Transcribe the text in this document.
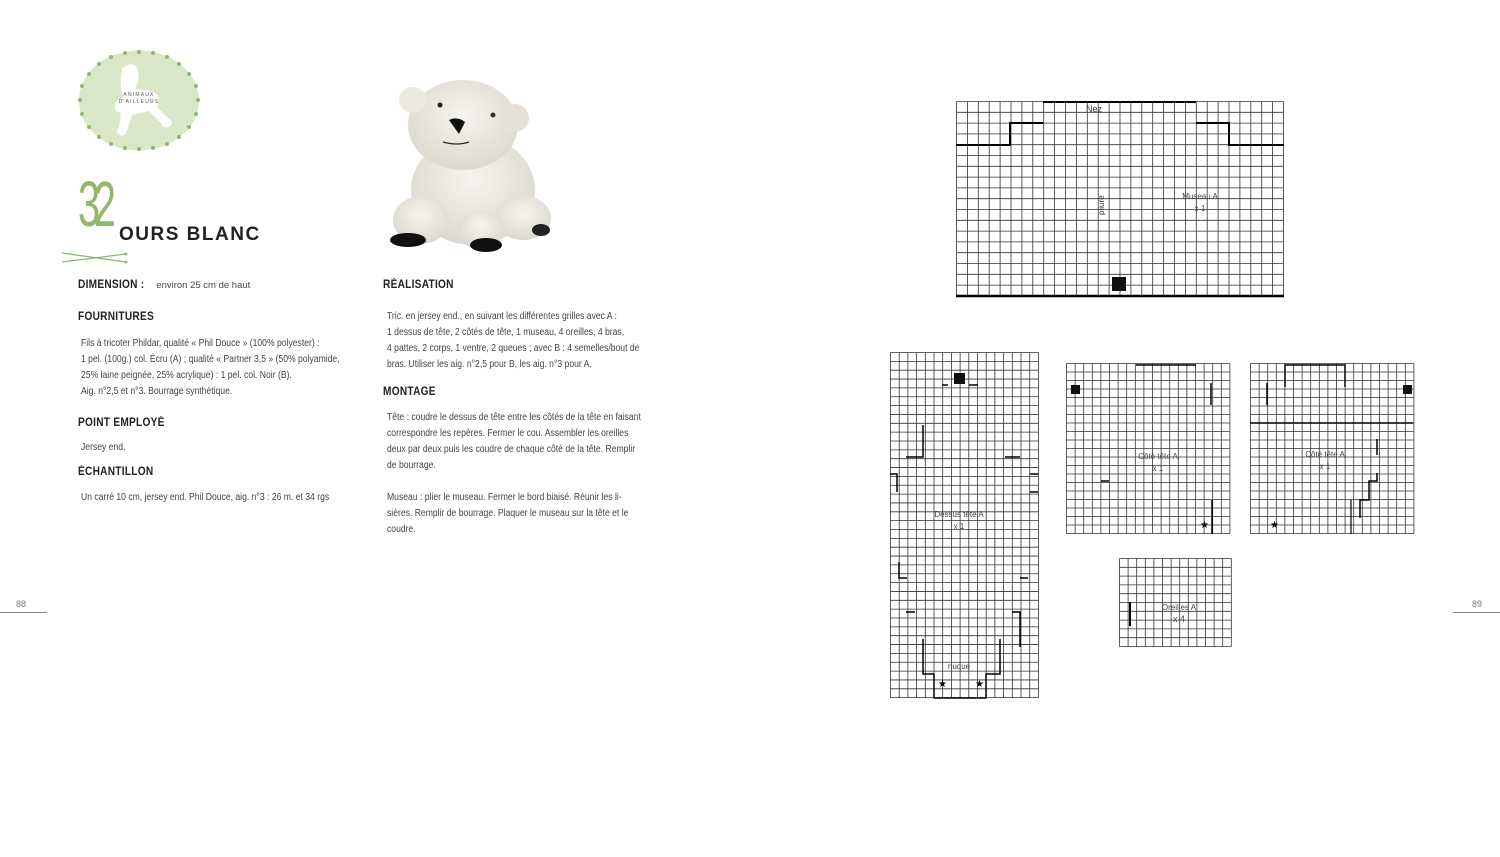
ANIMAUX
D'AILLEURS
32 OURS BLANC
DIMENSION : environ 25 cm de haut
FOURNITURES

Fils à tricoter Phildar, qualité « Phil Douce » (100% polyester) :

1 pel. (100g.) col. Écru (A) ; qualité « Partner 3,5 » (50% polyamide,

25% laine peignée, 25% acrylique) : 1 pel. col. Noir (B).

Aig. n°2,5 et n°3. Bourrage synthétique.

POINT EMPLOYÉ

Jersey end.

ÉCHANTILLON

Un carré 10 cm, jersey end. Phil Douce, aig. n°3 : 26 m. et 34 rgs

RÉALISATION

Tric. en jersey end., en suivant les différentes grilles avec A :

1 dessus de tête, 2 côtés de tête, 1 museau, 4 oreilles, 4 bras,

4 pattes, 2 corps, 1 ventre, 2 queues ; avec B : 4 semelles/bout de

bras. Utiliser les aig. n°2,5 pour B, les aig. n°3 pour A.

MONTAGE

Tête : coudre le dessus de tête entre les côtés de la tête en faisant

correspondre les repères. Fermer le cou. Assembler les oreilles

deux par deux puis les coudre de chaque côté de la tête. Remplir

de bourrage.

Museau : plier le museau. Fermer le bord biaisé. Réunir les li-

sières. Remplir de bourrage. Plaquer le museau sur la tête et le

coudre.

88	89
Nez
pliure	Museau A
x 1
★	★
Dessus tête A
x 1
nuque
★
Côté tête A
x 1
★
Côté tête A
x 1
Oreilles A
x 4
